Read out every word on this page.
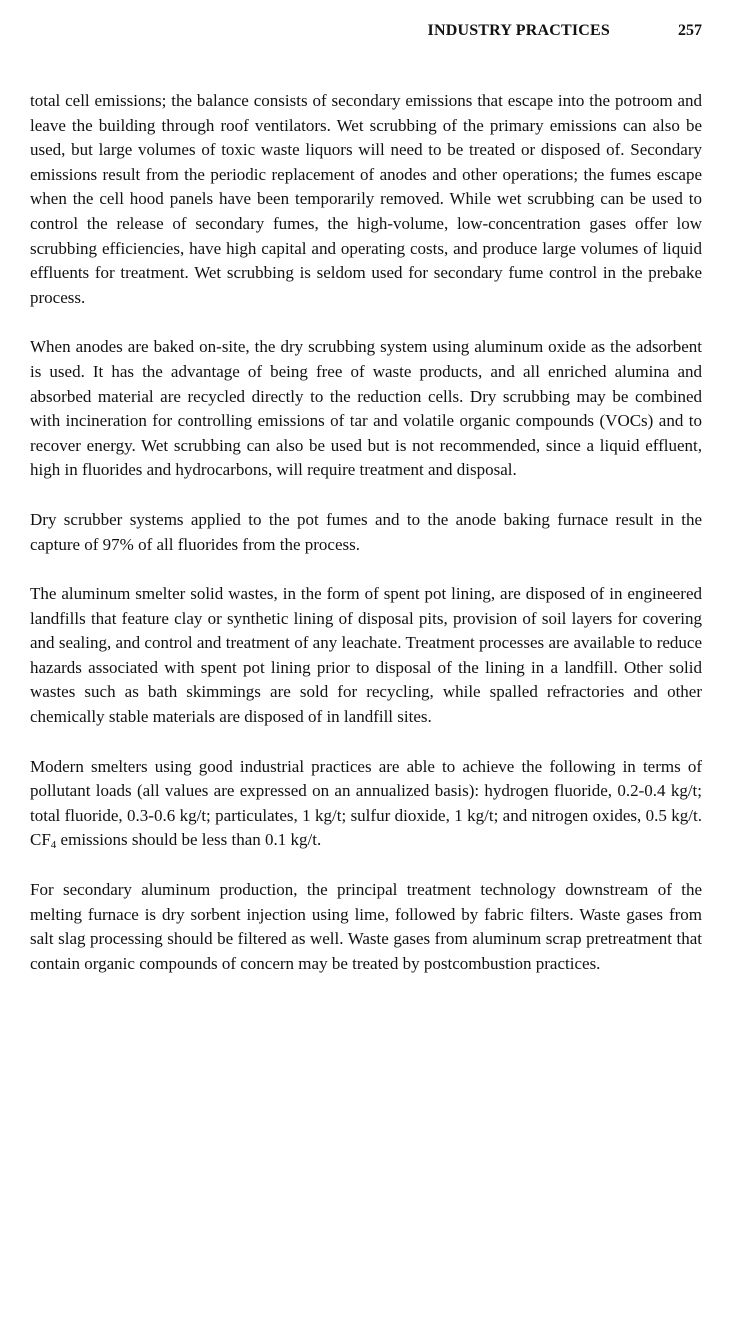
INDUSTRY PRACTICES	257

total cell emissions; the balance consists of secondary emissions that escape into the potroom and leave the building through roof ventilators. Wet scrubbing of the primary emissions can also be used, but large volumes of toxic waste liquors will need to be treated or disposed of. Secondary emissions result from the periodic replacement of anodes and other operations; the fumes escape when the cell hood panels have been temporarily removed. While wet scrubbing can be used to control the release of secondary fumes, the high-volume, low-concentration gases offer low scrubbing efficiencies, have high capital and operating costs, and produce large volumes of liquid effluents for treatment. Wet scrubbing is seldom used for secondary fume control in the prebake process.

When anodes are baked on-site, the dry scrubbing system using aluminum oxide as the adsorbent is used. It has the advantage of being free of waste products, and all enriched alumina and absorbed material are recycled directly to the reduction cells. Dry scrubbing may be combined with incineration for controlling emissions of tar and volatile organic compounds (VOCs) and to recover energy. Wet scrubbing can also be used but is not recommended, since a liquid effluent, high in fluorides and hydrocarbons, will require treatment and disposal.

Dry scrubber systems applied to the pot fumes and to the anode baking furnace result in the capture of 97% of all fluorides from the process.

The aluminum smelter solid wastes, in the form of spent pot lining, are disposed of in engineered landfills that feature clay or synthetic lining of disposal pits, provision of soil layers for covering and sealing, and control and treatment of any leachate. Treatment processes are available to reduce hazards associated with spent pot lining prior to disposal of the lining in a landfill. Other solid wastes such as bath skimmings are sold for recycling, while spalled refractories and other chemically stable materials are disposed of in landfill sites.

Modern smelters using good industrial practices are able to achieve the following in terms of pollutant loads (all values are expressed on an annualized basis): hydrogen fluoride, 0.2-0.4 kg/t; total fluoride, 0.3-0.6 kg/t; particulates, 1 kg/t; sulfur dioxide, 1 kg/t; and nitrogen oxides, 0.5 kg/t. $CF_4$ emissions should be less than 0.1 kg/t.

For secondary aluminum production, the principal treatment technology downstream of the melting furnace is dry sorbent injection using lime, followed by fabric filters. Waste gases from salt slag processing should be filtered as well. Waste gases from aluminum scrap pretreatment that contain organic compounds of concern may be treated by postcombustion practices.
